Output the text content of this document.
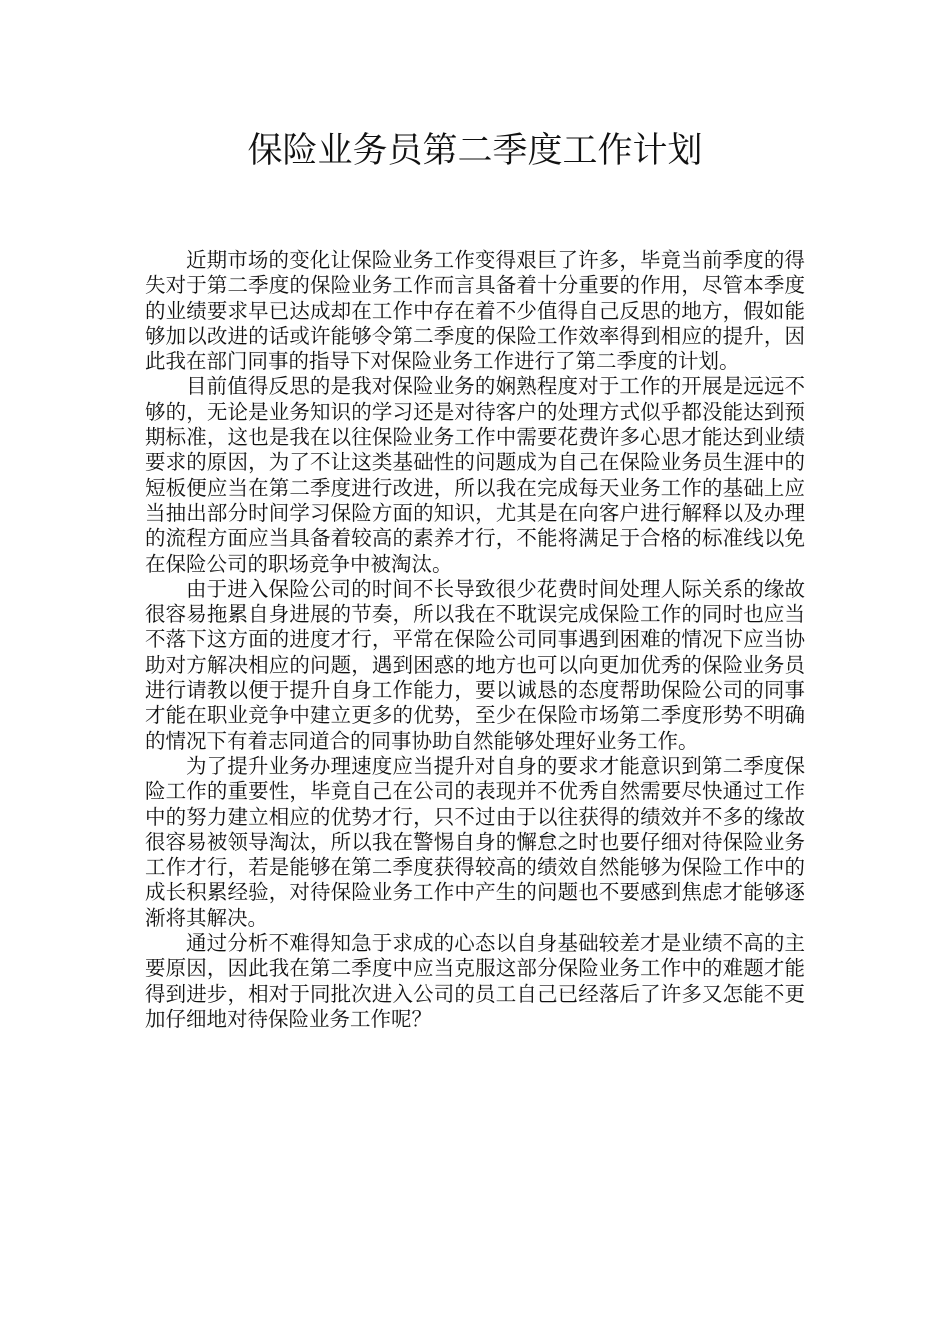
保险业务员第二季度工作计划

近期市场的变化让保险业务工作变得艰巨了许多，毕竟当前季度的得失对于第二季度的保险业务工作而言具备着十分重要的作用，尽管本季度的业绩要求早已达成却在工作中存在着不少值得自己反思的地方，假如能够加以改进的话或许能够令第二季度的保险工作效率得到相应的提升，因此我在部门同事的指导下对保险业务工作进行了第二季度的计划。

目前值得反思的是我对保险业务的娴熟程度对于工作的开展是远远不够的，无论是业务知识的学习还是对待客户的处理方式似乎都没能达到预期标准，这也是我在以往保险业务工作中需要花费许多心思才能达到业绩要求的原因，为了不让这类基础性的问题成为自己在保险业务员生涯中的短板便应当在第二季度进行改进，所以我在完成每天业务工作的基础上应当抽出部分时间学习保险方面的知识，尤其是在向客户进行解释以及办理的流程方面应当具备着较高的素养才行，不能将满足于合格的标准线以免在保险公司的职场竞争中被淘汰。

由于进入保险公司的时间不长导致很少花费时间处理人际关系的缘故很容易拖累自身进展的节奏，所以我在不耽误完成保险工作的同时也应当不落下这方面的进度才行，平常在保险公司同事遇到困难的情况下应当协助对方解决相应的问题，遇到困惑的地方也可以向更加优秀的保险业务员进行请教以便于提升自身工作能力，要以诚恳的态度帮助保险公司的同事才能在职业竞争中建立更多的优势，至少在保险市场第二季度形势不明确的情况下有着志同道合的同事协助自然能够处理好业务工作。

为了提升业务办理速度应当提升对自身的要求才能意识到第二季度保险工作的重要性，毕竟自己在公司的表现并不优秀自然需要尽快通过工作中的努力建立相应的优势才行，只不过由于以往获得的绩效并不多的缘故很容易被领导淘汰，所以我在警惕自身的懈怠之时也要仔细对待保险业务工作才行，若是能够在第二季度获得较高的绩效自然能够为保险工作中的成长积累经验，对待保险业务工作中产生的问题也不要感到焦虑才能够逐渐将其解决。

通过分析不难得知急于求成的心态以自身基础较差才是业绩不高的主要原因，因此我在第二季度中应当克服这部分保险业务工作中的难题才能得到进步，相对于同批次进入公司的员工自己已经落后了许多又怎能不更加仔细地对待保险业务工作呢？
